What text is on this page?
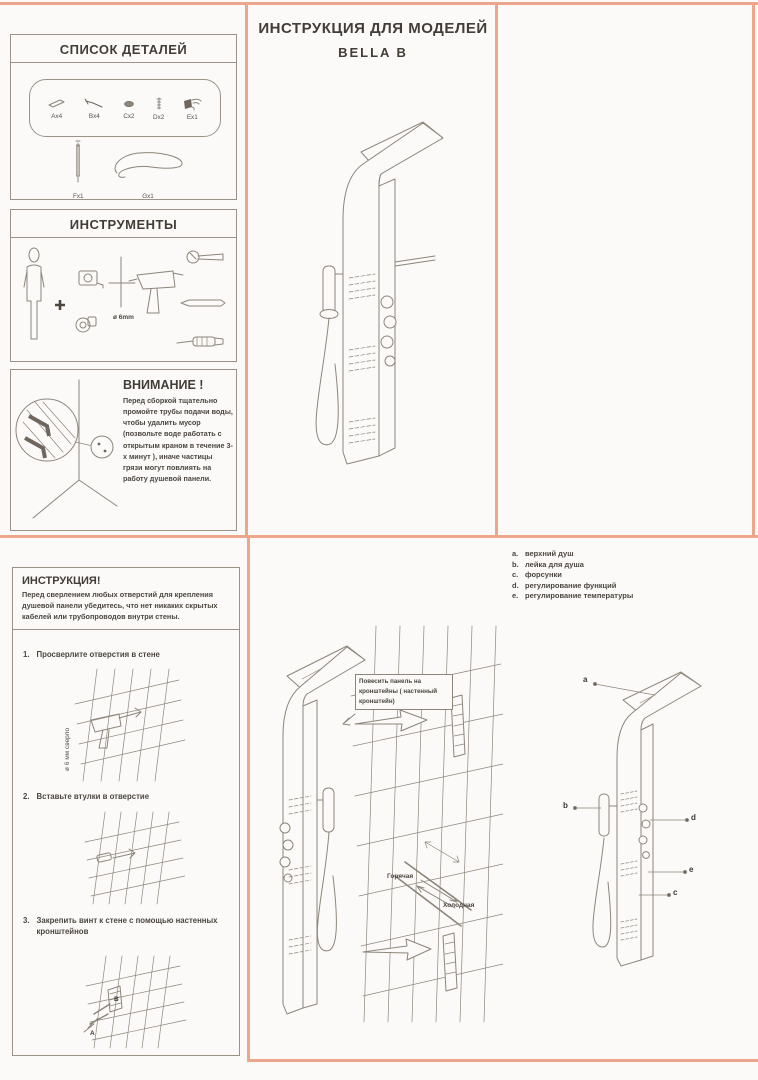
СПИСОК ДЕТАЛЕЙ
Ax4	Bx4	Cx2	Dx2	Ex1
Fx1	Gx1
ИНСТРУМЕНТЫ
ø 6mm
ВНИМАНИЕ !

Перед сборкой тщательно промойте трубы подачи воды, чтобы удалить мусор (позвольте воде работать с открытым краном в течение 3-х минут ), иначе частицы грязи могут повлиять на работу душевой панели.

ИНСТРУКЦИЯ ДЛЯ МОДЕЛЕЙ
BELLA B
ИНСТРУКЦИЯ!

Перед сверлением любых отверстий для крепления душевой панели убедитесь, что нет никаких скрытых кабелей или трубопроводов внутри стены.

1. Просверлите отверстия в стене
ø 6 мм сверло
2. Вставьте втулки в отверстие
3. Закрепить винт к стене с помощью настенных кронштейнов
B
A
Повесить панель на кронштейны ( настенный кронштейн)
Горячая
Холодная
a. верхний душ
b. лейка для душа
c. форсунки
d. регулирование функций
e. регулирование температуры
a
b
d
e
c
